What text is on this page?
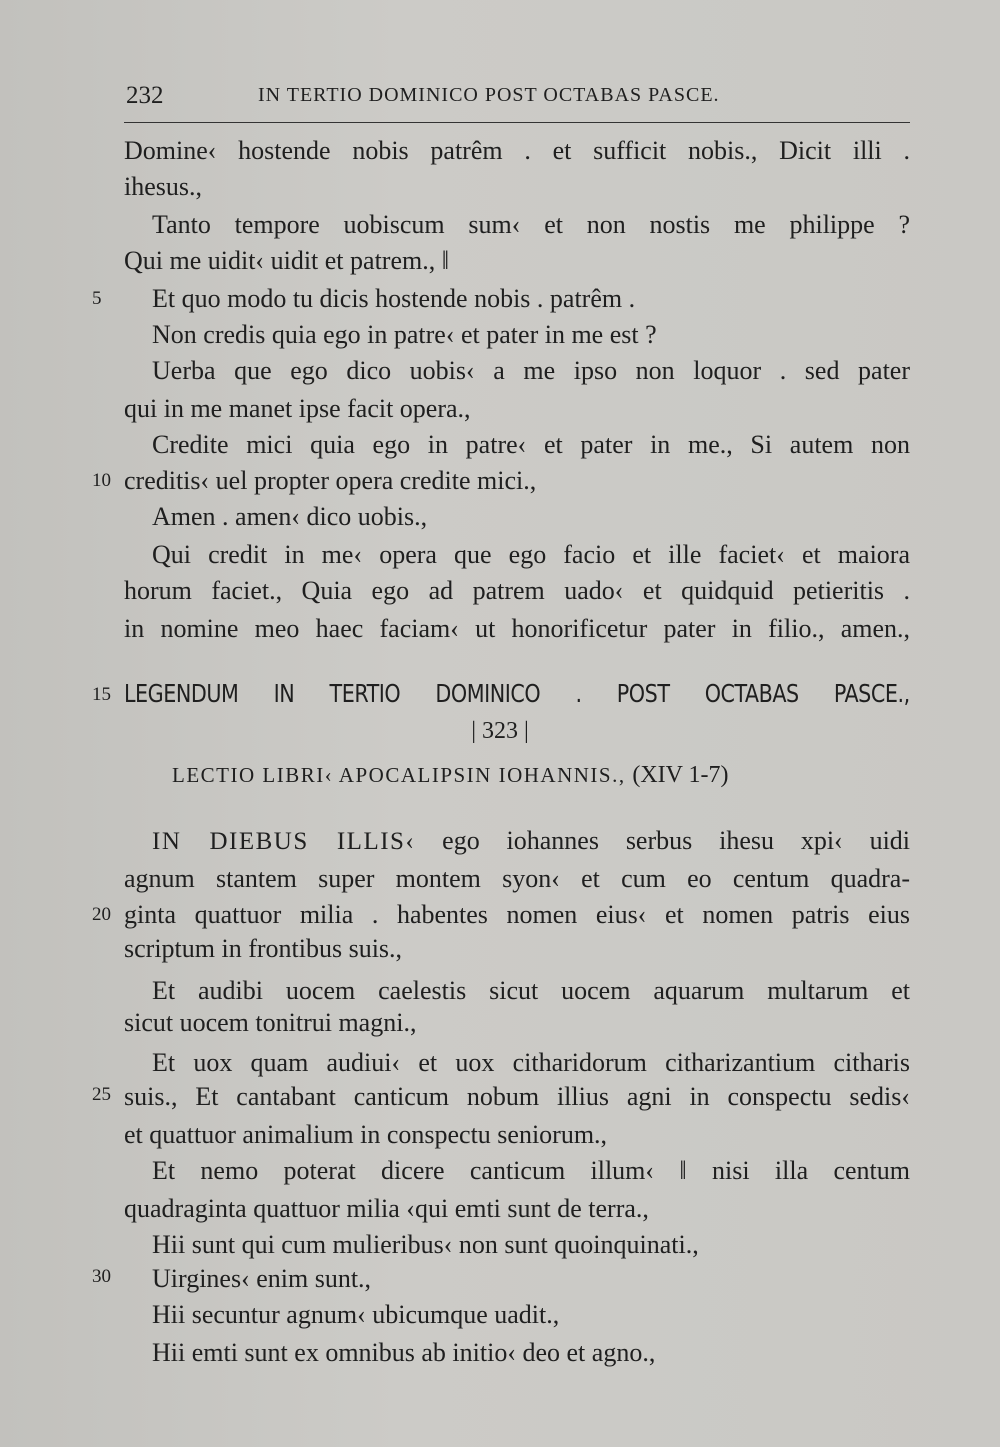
232	IN TERTIO DOMINICO POST OCTABAS PASCE.
Domine‹ hostende nobis patrêm . et sufficit nobis., Dicit illi .
ihesus.,
Tanto tempore uobiscum sum‹ et non nostis me philippe ?
Qui me uidit‹ uidit et patrem., ‖
5	Et quo modo tu dicis hostende nobis . patrêm .
Non credis quia ego in patre‹ et pater in me est ?
Uerba que ego dico uobis‹ a me ipso non loquor . sed pater
qui in me manet ipse facit opera.,
Credite mici quia ego in patre‹ et pater in me., Si autem non
10 creditis‹ uel propter opera credite mici.,
Amen . amen‹ dico uobis.,
Qui credit in me‹ opera que ego facio et ille faciet‹ et maiora
horum faciet., Quia ego ad patrem uado‹ et quidquid petieritis .
in nomine meo haec faciam‹ ut honorificetur pater in filio., amen.,
15 LEGENDUM IN TERTIO DOMINICO . POST OCTABAS PASCE.,
| 323 |
LECTIO LIBRI‹ APOCALIPSIN IOHANNIS., (XIV 1-7)
IN DIEBUS ILLIS‹ ego iohannes serbus ihesu xpi‹ uidi
agnum stantem super montem syon‹ et cum eo centum quadra-
20 ginta quattuor milia . habentes nomen eius‹ et nomen patris eius
scriptum in frontibus suis.,
Et audibi uocem caelestis sicut uocem aquarum multarum et
sicut uocem tonitrui magni.,
Et uox quam audiui‹ et uox citharidorum citharizantium citharis
25 suis., Et cantabant canticum nobum illius agni in conspectu sedis‹
et quattuor animalium in conspectu seniorum.,
Et nemo poterat dicere canticum illum‹ ‖ nisi illa centum
quadraginta quattuor milia ‹qui emti sunt de terra.,
Hii sunt qui cum mulieribus‹ non sunt quoinquinati.,
30 Uirgines‹ enim sunt.,
Hii secuntur agnum‹ ubicumque uadit.,
Hii emti sunt ex omnibus ab initio‹ deo et agno.,
